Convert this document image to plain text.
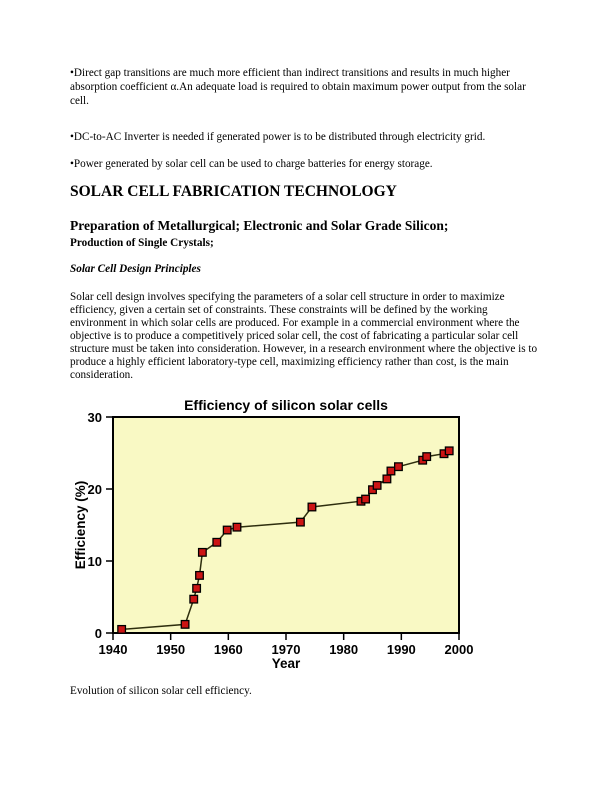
•Direct gap transitions are much more efficient than indirect transitions and results in much higher absorption coefficient α.An adequate load is required to obtain maximum power output from the solar cell.

•DC-to-AC Inverter is needed if generated power is to be distributed through electricity grid.

•Power generated by solar cell can be used to charge batteries for energy storage.

SOLAR CELL FABRICATION TECHNOLOGY
Preparation of Metallurgical; Electronic and Solar Grade Silicon;
Production of Single Crystals;
Solar Cell Design Principles

Solar cell design involves specifying the parameters of a solar cell structure in order to maximize efficiency, given a certain set of constraints. These constraints will be defined by the working environment in which solar cells are produced. For example in a commercial environment where the objective is to produce a competitively priced solar cell, the cost of fabricating a particular solar cell structure must be taken into consideration. However, in a research environment where the objective is to produce a highly efficient laboratory-type cell, maximizing efficiency rather than cost, is the main consideration.

1940 1950 1960 1970 1980 1990 2000
0
10
20
30
Efficiency of silicon solar cells
Efficiency (%)
Year

Evolution of silicon solar cell efficiency.
